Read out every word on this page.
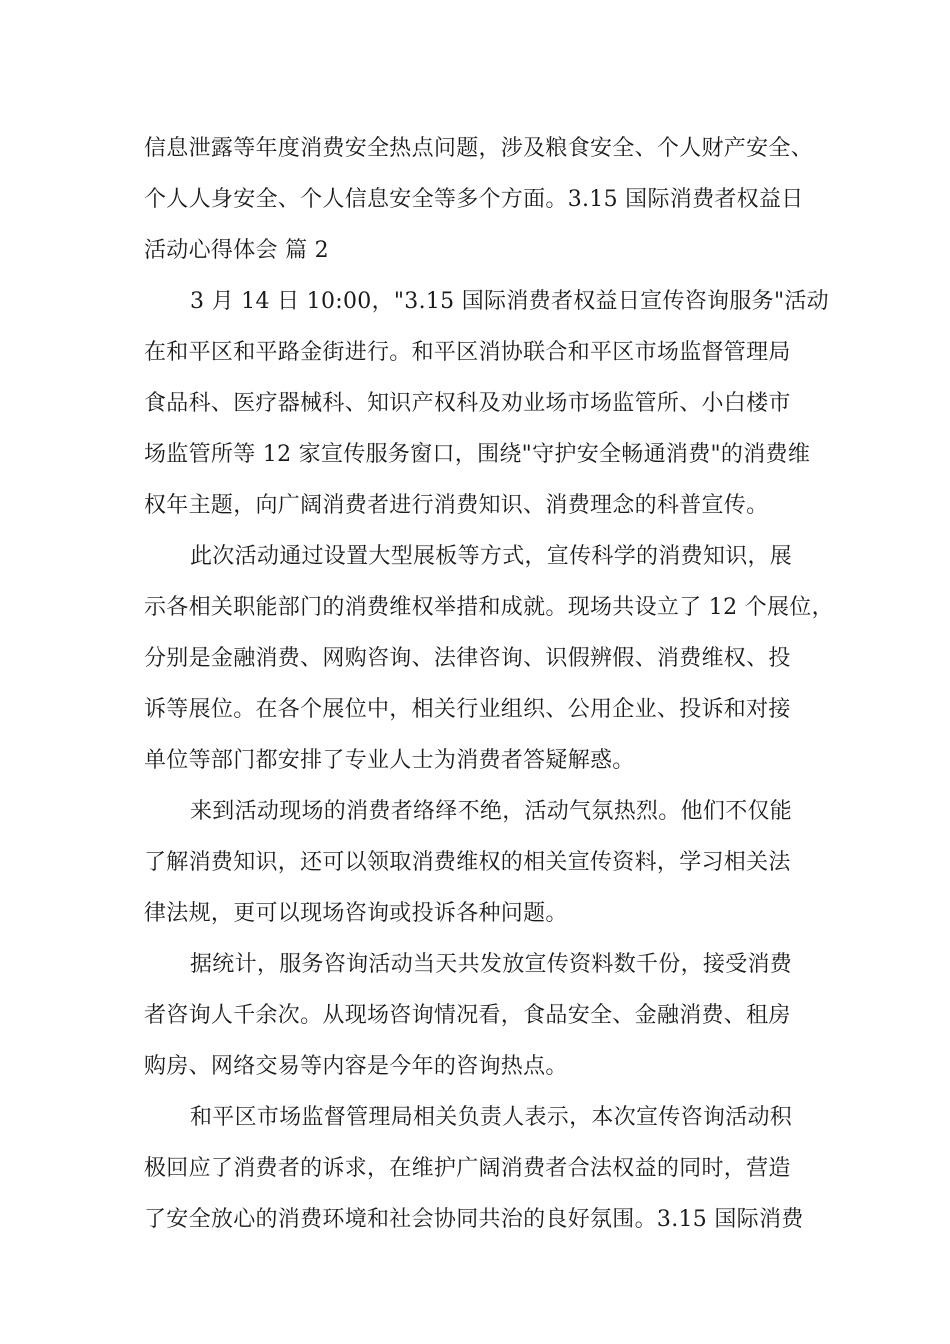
信息泄露等年度消费安全热点问题，涉及粮食安全、个人财产安全、
个人人身安全、个人信息安全等多个方面。3.15 国际消费者权益日
活动心得体会 篇 2
3 月 14 日 10:00，"3.15 国际消费者权益日宣传咨询服务"活动
在和平区和平路金街进行。和平区消协联合和平区市场监督管理局
食品科、医疗器械科、知识产权科及劝业场市场监管所、小白楼市
场监管所等 12 家宣传服务窗口，围绕"守护安全畅通消费"的消费维
权年主题，向广阔消费者进行消费知识、消费理念的科普宣传。
此次活动通过设置大型展板等方式，宣传科学的消费知识，展
示各相关职能部门的消费维权举措和成就。现场共设立了 12 个展位，
分别是金融消费、网购咨询、法律咨询、识假辨假、消费维权、投
诉等展位。在各个展位中，相关行业组织、公用企业、投诉和对接
单位等部门都安排了专业人士为消费者答疑解惑。
来到活动现场的消费者络绎不绝，活动气氛热烈。他们不仅能
了解消费知识，还可以领取消费维权的相关宣传资料，学习相关法
律法规，更可以现场咨询或投诉各种问题。
据统计，服务咨询活动当天共发放宣传资料数千份，接受消费
者咨询人千余次。从现场咨询情况看，食品安全、金融消费、租房
购房、网络交易等内容是今年的咨询热点。
和平区市场监督管理局相关负责人表示，本次宣传咨询活动积
极回应了消费者的诉求，在维护广阔消费者合法权益的同时，营造
了安全放心的消费环境和社会协同共治的良好氛围。3.15 国际消费
